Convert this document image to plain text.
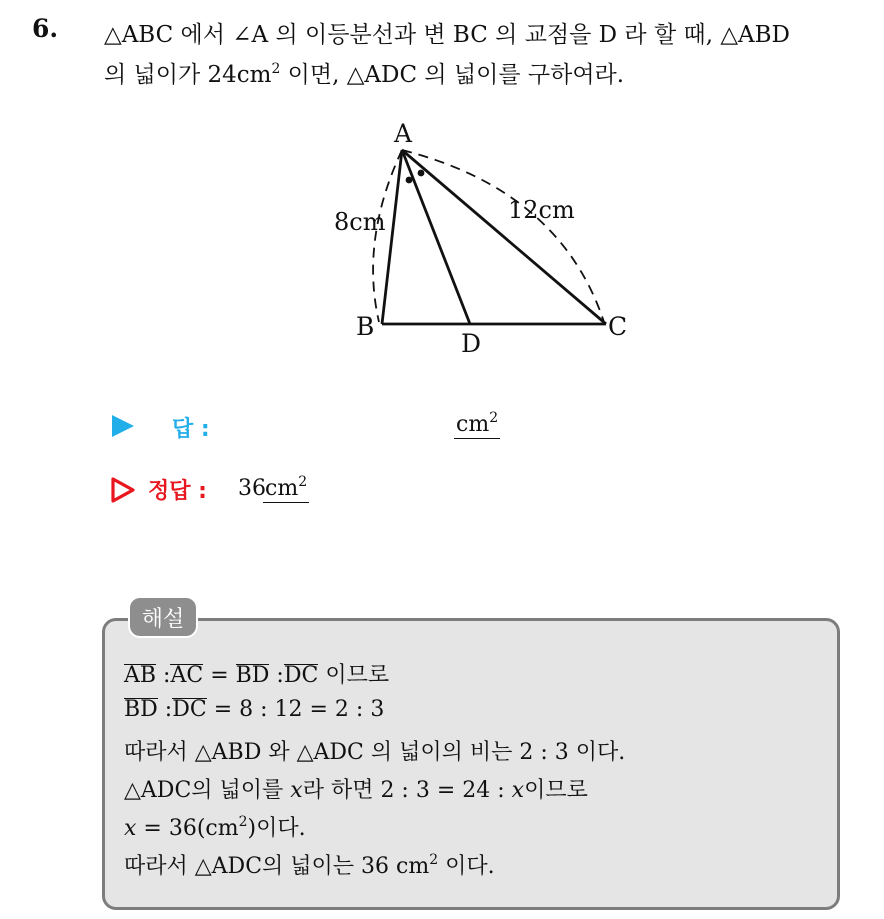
6. △ABC 에서 ∠A 의 이등분선과 변 BC 의 교점을 D 라 할 때, △ABD
의 넓이가 $24cm^2$ 이면, △ADC 의 넓이를 구하여라.
A
B	C
D
8cm	12cm
답 :	$cm^2$
정답 : 36 $cm^2$
해설
AB :AC = BD :DC 이므로
BD :DC = 8 : 12 = 2 : 3
따라서 △ABD 와 △ADC 의 넓이의 비는 2 : 3 이다.
△ADC의 넓이를 x라 하면 2 : 3 = 24 : x이므로
$x = 36(cm^2)$이다.
따라서 △ADC의 넓이는 36 $cm^2$ 이다.
